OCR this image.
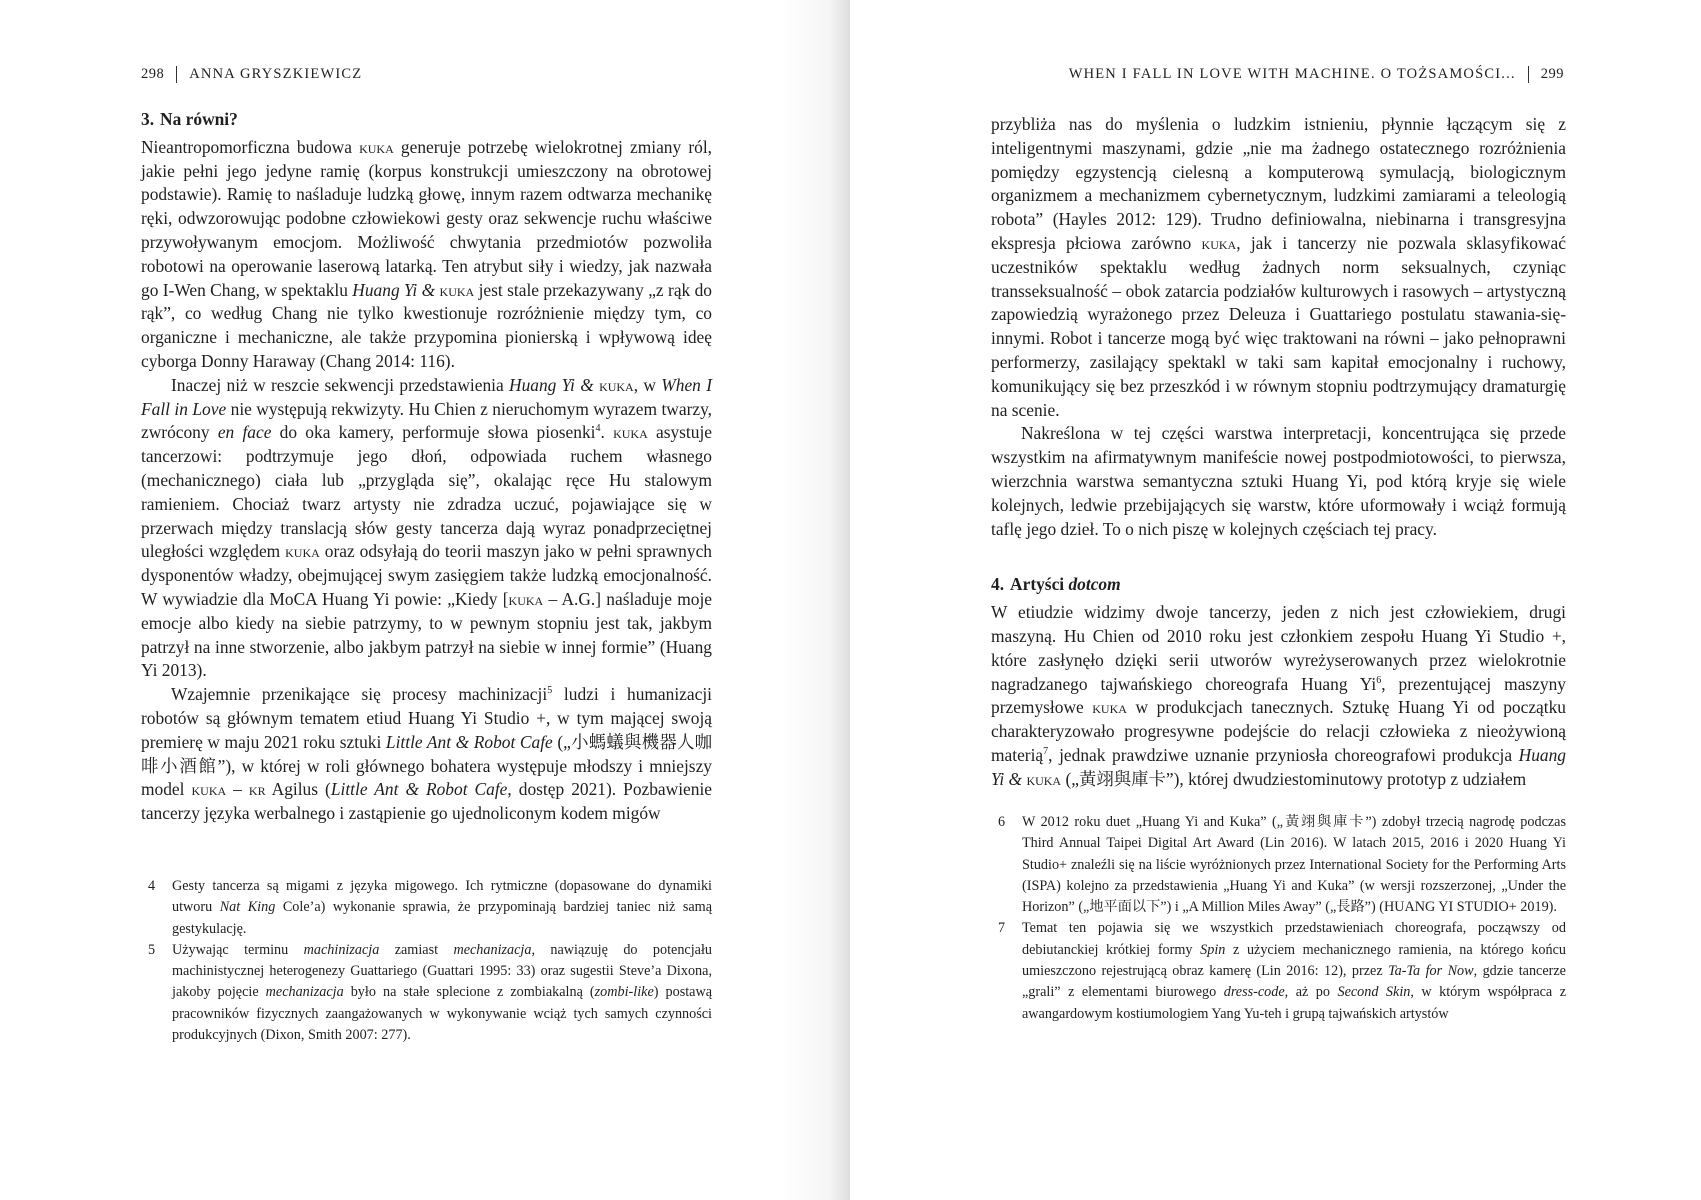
298 ANNA GRYSZKIEWICZ
3. Na równi?

Nieantropomorficzna budowa kuka generuje potrzebę wielokrotnej zmiany ról, jakie pełni jego jedyne ramię (korpus konstrukcji umieszczony na obrotowej podstawie). Ramię to naśladuje ludzką głowę, innym razem odtwarza mechanikę ręki, odwzorowując podobne człowiekowi gesty oraz sekwencje ruchu właściwe przywoływanym emocjom. Możliwość chwytania przedmiotów pozwoliła robotowi na operowanie laserową latarką. Ten atrybut siły i wiedzy, jak nazwała go I-Wen Chang, w spektaklu Huang Yi & kuka jest stale przekazywany „z rąk do rąk”, co według Chang nie tylko kwestionuje rozróżnienie między tym, co organiczne i mechaniczne, ale także przypomina pionierską i wpływową ideę cyborga Donny Haraway (Chang 2014: 116).

Inaczej niż w reszcie sekwencji przedstawienia Huang Yi & kuka, w When I Fall in Love nie występują rekwizyty. Hu Chien z nieruchomym wyrazem twarzy, zwrócony en face do oka kamery, performuje słowa piosenki$^4$. kuka asystuje tancerzowi: podtrzymuje jego dłoń, odpowiada ruchem własnego (mechanicznego) ciała lub „przygląda się”, okalając ręce Hu stalowym ramieniem. Chociaż twarz artysty nie zdradza uczuć, pojawiające się w przerwach między translacją słów gesty tancerza dają wyraz ponadprzeciętnej uległości względem kuka oraz odsyłają do teorii maszyn jako w pełni sprawnych dysponentów władzy, obejmującej swym zasięgiem także ludzką emocjonalność. W wywiadzie dla MoCA Huang Yi powie: „Kiedy [kuka – A.G.] naśladuje moje emocje albo kiedy na siebie patrzymy, to w pewnym stopniu jest tak, jakbym patrzył na inne stworzenie, albo jakbym patrzył na siebie w innej formie” (Huang Yi 2013).

Wzajemnie przenikające się procesy machinizacji$^5$ ludzi i humanizacji robotów są głównym tematem etiud Huang Yi Studio +, w tym mającej swoją premierę w maju 2021 roku sztuki Little Ant & Robot Cafe („小螞蟻與機器人咖啡小酒館”), w której w roli głównego bohatera występuje młodszy i mniejszy model kuka – kr Agilus (Little Ant & Robot Cafe, dostęp 2021). Pozbawienie tancerzy języka werbalnego i zastąpienie go ujednoliconym kodem migów

4	Gesty tancerza są migami z języka migowego. Ich rytmiczne (dopasowane do dynamiki utworu Nat King Cole’a) wykonanie sprawia, że przypominają bardziej taniec niż samą gestykulację.
5	Używając terminu machinizacja zamiast mechanizacja, nawiązuję do potencjału machinistycznej heterogenezy Guattariego (Guattari 1995: 33) oraz sugestii Steve’a Dixona, jakoby pojęcie mechanizacja było na stałe splecione z zombiakalną (zombi-like) postawą pracowników fizycznych zaangażowanych w wykonywanie wciąż tych samych czynności produkcyjnych (Dixon, Smith 2007: 277).
WHEN I FALL IN LOVE WITH MACHINE. O TOŻSAMOŚCI... 299

przybliża nas do myślenia o ludzkim istnieniu, płynnie łączącym się z inteligentnymi maszynami, gdzie „nie ma żadnego ostatecznego rozróżnienia pomiędzy egzystencją cielesną a komputerową symulacją, biologicznym organizmem a mechanizmem cybernetycznym, ludzkimi zamiarami a teleologią robota” (Hayles 2012: 129). Trudno definiowalna, niebinarna i transgresyjna ekspresja płciowa zarówno kuka, jak i tancerzy nie pozwala sklasyfikować uczestników spektaklu według żadnych norm seksualnych, czyniąc transseksualność – obok zatarcia podziałów kulturowych i rasowych – artystyczną zapowiedzią wyrażonego przez Deleuza i Guattariego postulatu stawania-się-innymi. Robot i tancerze mogą być więc traktowani na równi – jako pełnoprawni performerzy, zasilający spektakl w taki sam kapitał emocjonalny i ruchowy, komunikujący się bez przeszkód i w równym stopniu podtrzymujący dramaturgię na scenie.

Nakreślona w tej części warstwa interpretacji, koncentrująca się przede wszystkim na afirmatywnym manifeście nowej postpodmiotowości, to pierwsza, wierzchnia warstwa semantyczna sztuki Huang Yi, pod którą kryje się wiele kolejnych, ledwie przebijających się warstw, które uformowały i wciąż formują taflę jego dzieł. To o nich piszę w kolejnych częściach tej pracy.

4. Artyści dotcom

W etiudzie widzimy dwoje tancerzy, jeden z nich jest człowiekiem, drugi maszyną. Hu Chien od 2010 roku jest członkiem zespołu Huang Yi Studio +, które zasłynęło dzięki serii utworów wyreżyserowanych przez wielokrotnie nagradzanego tajwańskiego choreografa Huang Yi$^6$, prezentującej maszyny przemysłowe kuka w produkcjach tanecznych. Sztukę Huang Yi od początku charakteryzowało progresywne podejście do relacji człowieka z nieożywioną materią$^7$, jednak prawdziwe uznanie przyniosła choreografowi produkcja Huang Yi & kuka („黃翊與庫卡”), której dwudziestominutowy prototyp z udziałem

6	W 2012 roku duet „Huang Yi and Kuka” („黃翊與庫卡”) zdobył trzecią nagrodę podczas Third Annual Taipei Digital Art Award (Lin 2016). W latach 2015, 2016 i 2020 Huang Yi Studio+ znaleźli się na liście wyróżnionych przez International Society for the Performing Arts (ISPA) kolejno za przedstawienia „Huang Yi and Kuka” (w wersji rozszerzonej, „Under the Horizon” („地平面以下”) i „A Million Miles Away” („長路”) (HUANG YI STUDIO+ 2019).
7	Temat ten pojawia się we wszystkich przedstawieniach choreografa, począwszy od debiutanckiej krótkiej formy Spin z użyciem mechanicznego ramienia, na którego końcu umieszczono rejestrującą obraz kamerę (Lin 2016: 12), przez Ta-Ta for Now, gdzie tancerze „grali” z elementami biurowego dress-code, aż po Second Skin, w którym współpraca z awangardowym kostiumologiem Yang Yu-teh i grupą tajwańskich artystów
